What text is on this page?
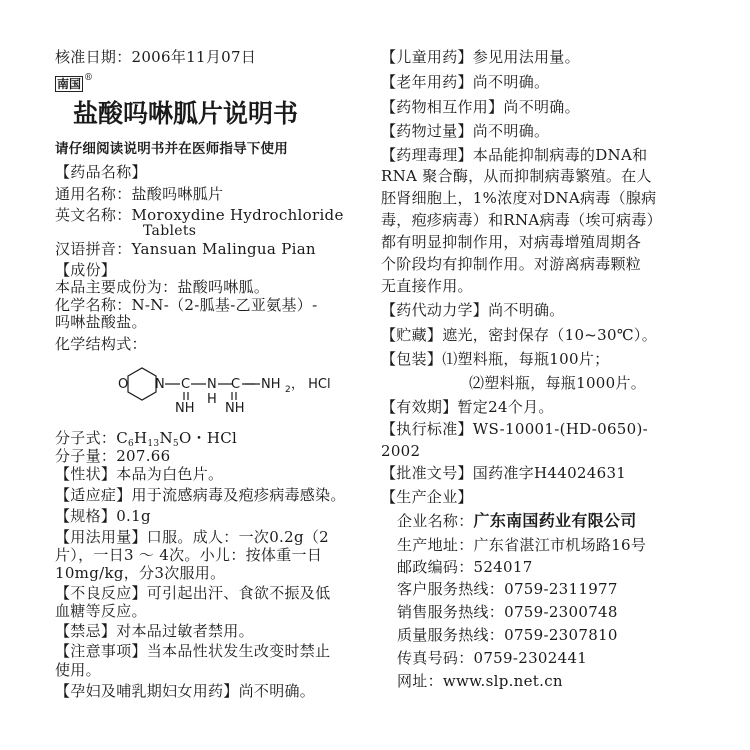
核准日期：2006年11月07日
南国 ®
盐酸吗啉胍片说明书
请仔细阅读说明书并在医师指导下使用
【药品名称】
通用名称：盐酸吗啉胍片
英文名称：Moroxydine Hydrochloride
Tablets
汉语拼音：Yansuan Malingua Pian
【成份】
本品主要成份为：盐酸吗啉胍。
化学名称：N-N-（2-胍基-乙亚氨基）-
吗啉盐酸盐。
化学结构式：
O N C N
H
C NH 2 ， HCl
NH NH
分子式：$C_6H_{13}N_5O$・HCl
分子量：207.66
【性状】本品为白色片。
【适应症】用于流感病毒及疱疹病毒感染。
【规格】0.1g
【用法用量】口服。成人：一次0.2g（2
片），一日3 ～ 4次。小儿：按体重一日
10mg/kg，分3次服用。
【不良反应】可引起出汗、食欲不振及低
血糖等反应。
【禁忌】对本品过敏者禁用。
【注意事项】当本品性状发生改变时禁止
使用。
【孕妇及哺乳期妇女用药】尚不明确。
【儿童用药】参见用法用量。
【老年用药】尚不明确。
【药物相互作用】尚不明确。
【药物过量】尚不明确。
【药理毒理】本品能抑制病毒的DNA和
RNA 聚合酶，从而抑制病毒繁殖。在人
胚肾细胞上，1%浓度对DNA病毒（腺病
毒，疱疹病毒）和RNA病毒（埃可病毒）
都有明显抑制作用，对病毒增殖周期各
个阶段均有抑制作用。对游离病毒颗粒
无直接作用。
【药代动力学】尚不明确。
【贮藏】遮光，密封保存（10~30℃）。
【包装】⑴塑料瓶，每瓶100片；
⑵塑料瓶，每瓶1000片。
【有效期】暂定24个月。
【执行标准】WS-10001-(HD-0650)-
2002
【批准文号】国药准字H44024631
【生产企业】
企业名称：广东南国药业有限公司
生产地址：广东省湛江市机场路16号
邮政编码：524017
客户服务热线：0759-2311977
销售服务热线：0759-2300748
质量服务热线：0759-2307810
传真号码：0759-2302441
网址：www.slp.net.cn
